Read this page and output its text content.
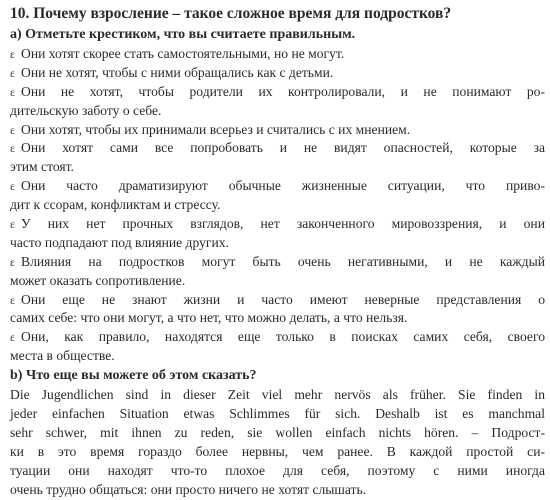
10. Почему взросление – такое сложное время для подростков?
а) Отметьте крестиком, что вы считаете правильным.
ε Они хотят скорее стать самостоятельными, но не могут.
ε Они не хотят, чтобы с ними обращались как с детьми.
ε Они не хотят, чтобы родители их контролировали, и не понимают ро-
дительскую заботу о себе.
ε Они хотят, чтобы их принимали всерьез и считались с их мнением.
ε Они хотят сами все попробовать и не видят опасностей, которые за
этим стоят.
ε Они часто драматизируют обычные жизненные ситуации, что приво-
дит к ссорам, конфликтам и стрессу.
ε У них нет прочных взглядов, нет законченного мировоззрения, и они
часто подпадают под влияние других.
ε Влияния на подростков могут быть очень негативными, и не каждый
может оказать сопротивление.
ε Они еще не знают жизни и часто имеют неверные представления о
самих себе: что они могут, а что нет, что можно делать, а что нельзя.
ε Они, как правило, находятся еще только в поисках самих себя, своего
места в обществе.
b) Что еще вы можете об этом сказать?
Die Jugendlichen sind in dieser Zeit viel mehr nervös als früher. Sie finden in
jeder einfachen Situation etwas Schlimmes für sich. Deshalb ist es manchmal
sehr schwer, mit ihnen zu reden, sie wollen einfach nichts hören. – Подрост-
ки в это время гораздо более нервны, чем ранее. В каждой простой си-
туации они находят что-то плохое для себя, поэтому с ними иногда
очень трудно общаться: они просто ничего не хотят слышать.
